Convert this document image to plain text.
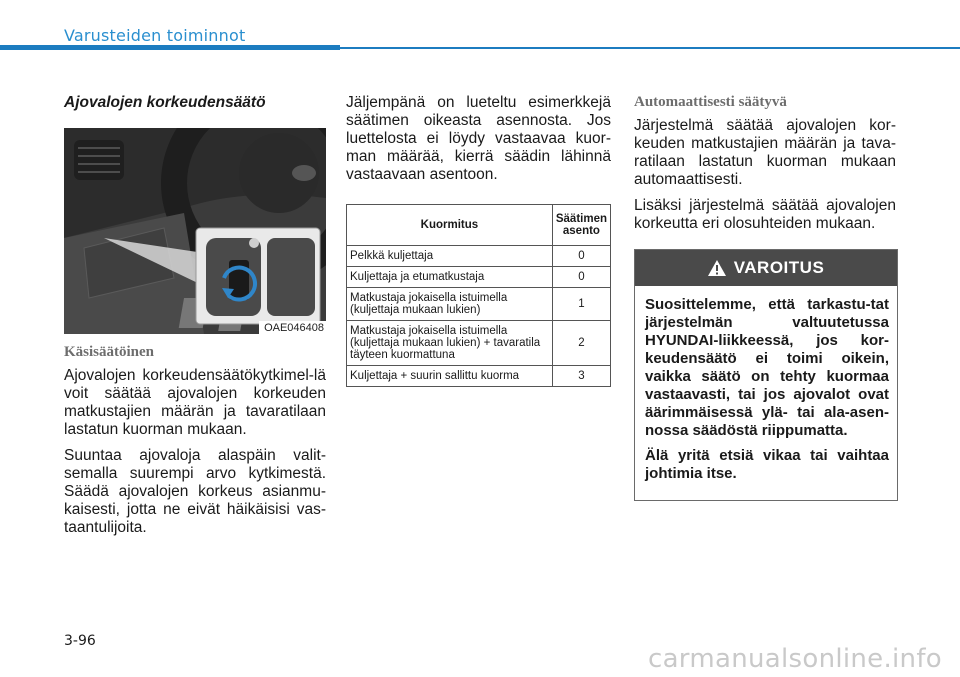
Varusteiden toiminnot
Ajovalojen korkeudensäätö
OAE046408
Käsisäätöinen

Ajovalojen korkeudensäätökytkimel-lä voit säätää ajovalojen korkeuden matkustajien määrän ja tavaratilaan lastatun kuorman mukaan.

Suuntaa ajovaloja alaspäin valit-semalla suurempi arvo kytkimestä. Säädä ajovalojen korkeus asianmu-kaisesti, jotta ne eivät häikäisisi vas-taantulijoita.

Jäljempänä on lueteltu esimerkkejä säätimen oikeasta asennosta. Jos luettelosta ei löydy vastaavaa kuor-man määrää, kierrä säädin lähinnä vastaavaan asentoon.

Kuormitus	Säätimen asento
Pelkkä kuljettaja	0
Kuljettaja ja etumatkustaja	0
Matkustaja jokaisella istuimella (kuljettaja mukaan lukien)	1
Matkustaja jokaisella istuimella (kuljettaja mukaan lukien) + tavaratila täyteen kuormattuna	2
Kuljettaja + suurin sallittu kuorma	3
Automaattisesti säätyvä

Järjestelmä säätää ajovalojen kor-keuden matkustajien määrän ja tava-ratilaan lastatun kuorman mukaan automaattisesti.

Lisäksi järjestelmä säätää ajovalojen korkeutta eri olosuhteiden mukaan.

VAROITUS

Suosittelemme, että tarkastu-tat järjestelmän valtuutetussa HYUNDAI-liikkeessä, jos kor-keudensäätö ei toimi oikein, vaikka säätö on tehty kuormaa vastaavasti, tai jos ajovalot ovat äärimmäisessä ylä- tai ala-asen-nossa säädöstä riippumatta.

Älä yritä etsiä vikaa tai vaihtaa johtimia itse.

3-96
carmanualsonline.info
